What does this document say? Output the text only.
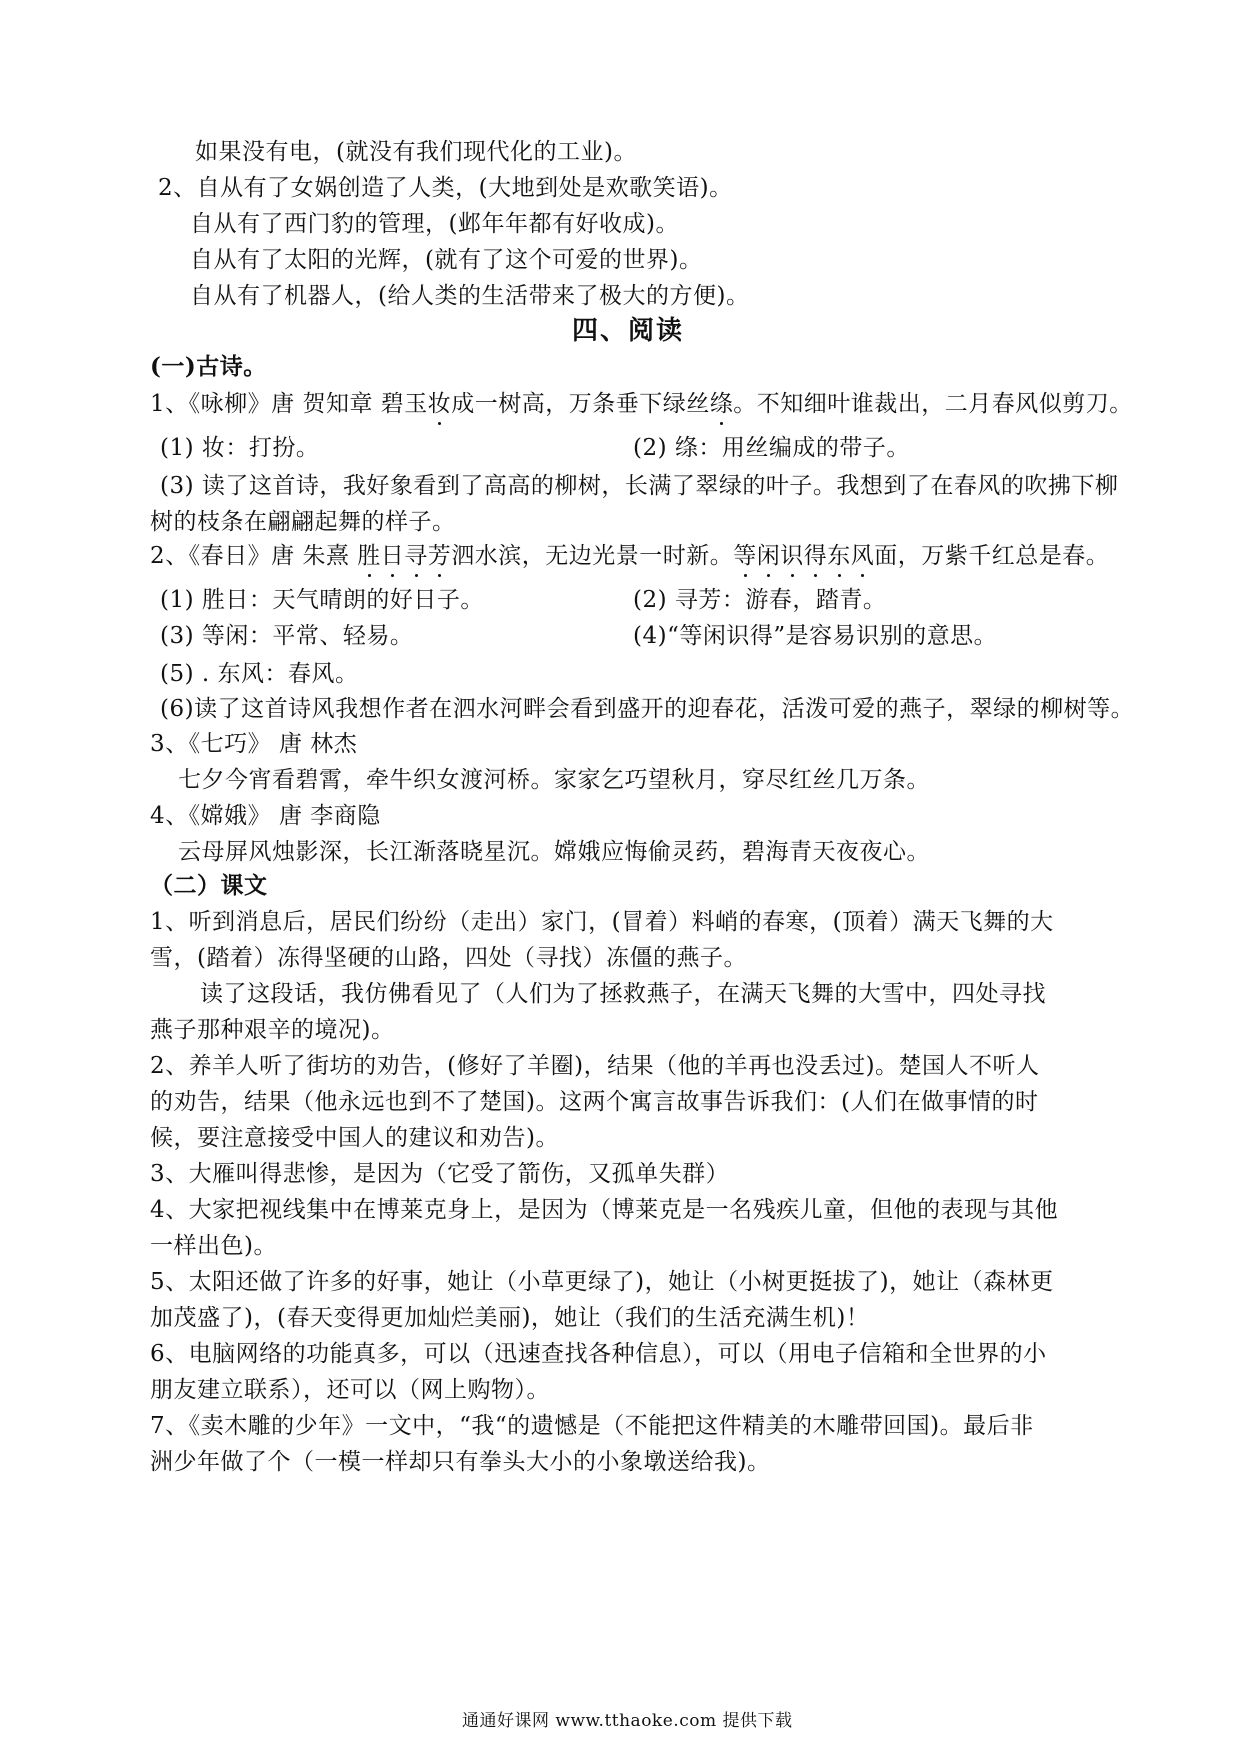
如果没有电，(就没有我们现代化的工业)。
2、自从有了女娲创造了人类，(大地到处是欢歌笑语)。
自从有了西门豹的管理，(邺年年都有好收成)。
自从有了太阳的光辉，(就有了这个可爱的世界)。
自从有了机器人，(给人类的生活带来了极大的方便)。
四、阅读
(一)古诗。
1、《咏柳》唐 贺知章 碧玉妆成一树高，万条垂下绿丝绦。不知细叶谁裁出，二月春风似剪刀。
(1) 妆：打扮。	(2) 绦：用丝编成的带子。
(3) 读了这首诗，我好象看到了高高的柳树，长满了翠绿的叶子。我想到了在春风的吹拂下柳
树的枝条在翩翩起舞的样子。
2、《春日》唐 朱熹 胜日寻芳泗水滨，无边光景一时新。等闲识得东风面，万紫千红总是春。
(1) 胜日：天气晴朗的好日子。	(2) 寻芳：游春，踏青。
(3) 等闲：平常、轻易。	(4)“等闲识得”是容易识别的意思。
(5) . 东风：春风。
(6)读了这首诗风我想作者在泗水河畔会看到盛开的迎春花，活泼可爱的燕子，翠绿的柳树等。
3、《七巧》 唐 林杰
七夕今宵看碧霄，牵牛织女渡河桥。家家乞巧望秋月，穿尽红丝几万条。
4、《嫦娥》 唐 李商隐
云母屏风烛影深，长江渐落晓星沉。嫦娥应悔偷灵药，碧海青天夜夜心。
（二）课文
1、听到消息后，居民们纷纷（走出）家门，(冒着）料峭的春寒，(顶着）满天飞舞的大
雪，(踏着）冻得坚硬的山路，四处（寻找）冻僵的燕子。
读了这段话，我仿佛看见了（人们为了拯救燕子，在满天飞舞的大雪中，四处寻找
燕子那种艰辛的境况)。
2、养羊人听了街坊的劝告，(修好了羊圈)，结果（他的羊再也没丢过)。楚国人不听人
的劝告，结果（他永远也到不了楚国)。这两个寓言故事告诉我们：(人们在做事情的时
候，要注意接受中国人的建议和劝告)。
3、大雁叫得悲惨，是因为（它受了箭伤，又孤单失群）
4、大家把视线集中在博莱克身上，是因为（博莱克是一名残疾儿童，但他的表现与其他
一样出色)。
5、太阳还做了许多的好事，她让（小草更绿了)，她让（小树更挺拔了)，她让（森林更
加茂盛了)，(春天变得更加灿烂美丽)，她让（我们的生活充满生机)！
6、电脑网络的功能真多，可以（迅速查找各种信息），可以（用电子信箱和全世界的小
朋友建立联系），还可以（网上购物）。
7、《卖木雕的少年》一文中，“我“的遗憾是（不能把这件精美的木雕带回国)。最后非
洲少年做了个（一模一样却只有拳头大小的小象墩送给我)。
通通好课网 www.tthaoke.com 提供下载
